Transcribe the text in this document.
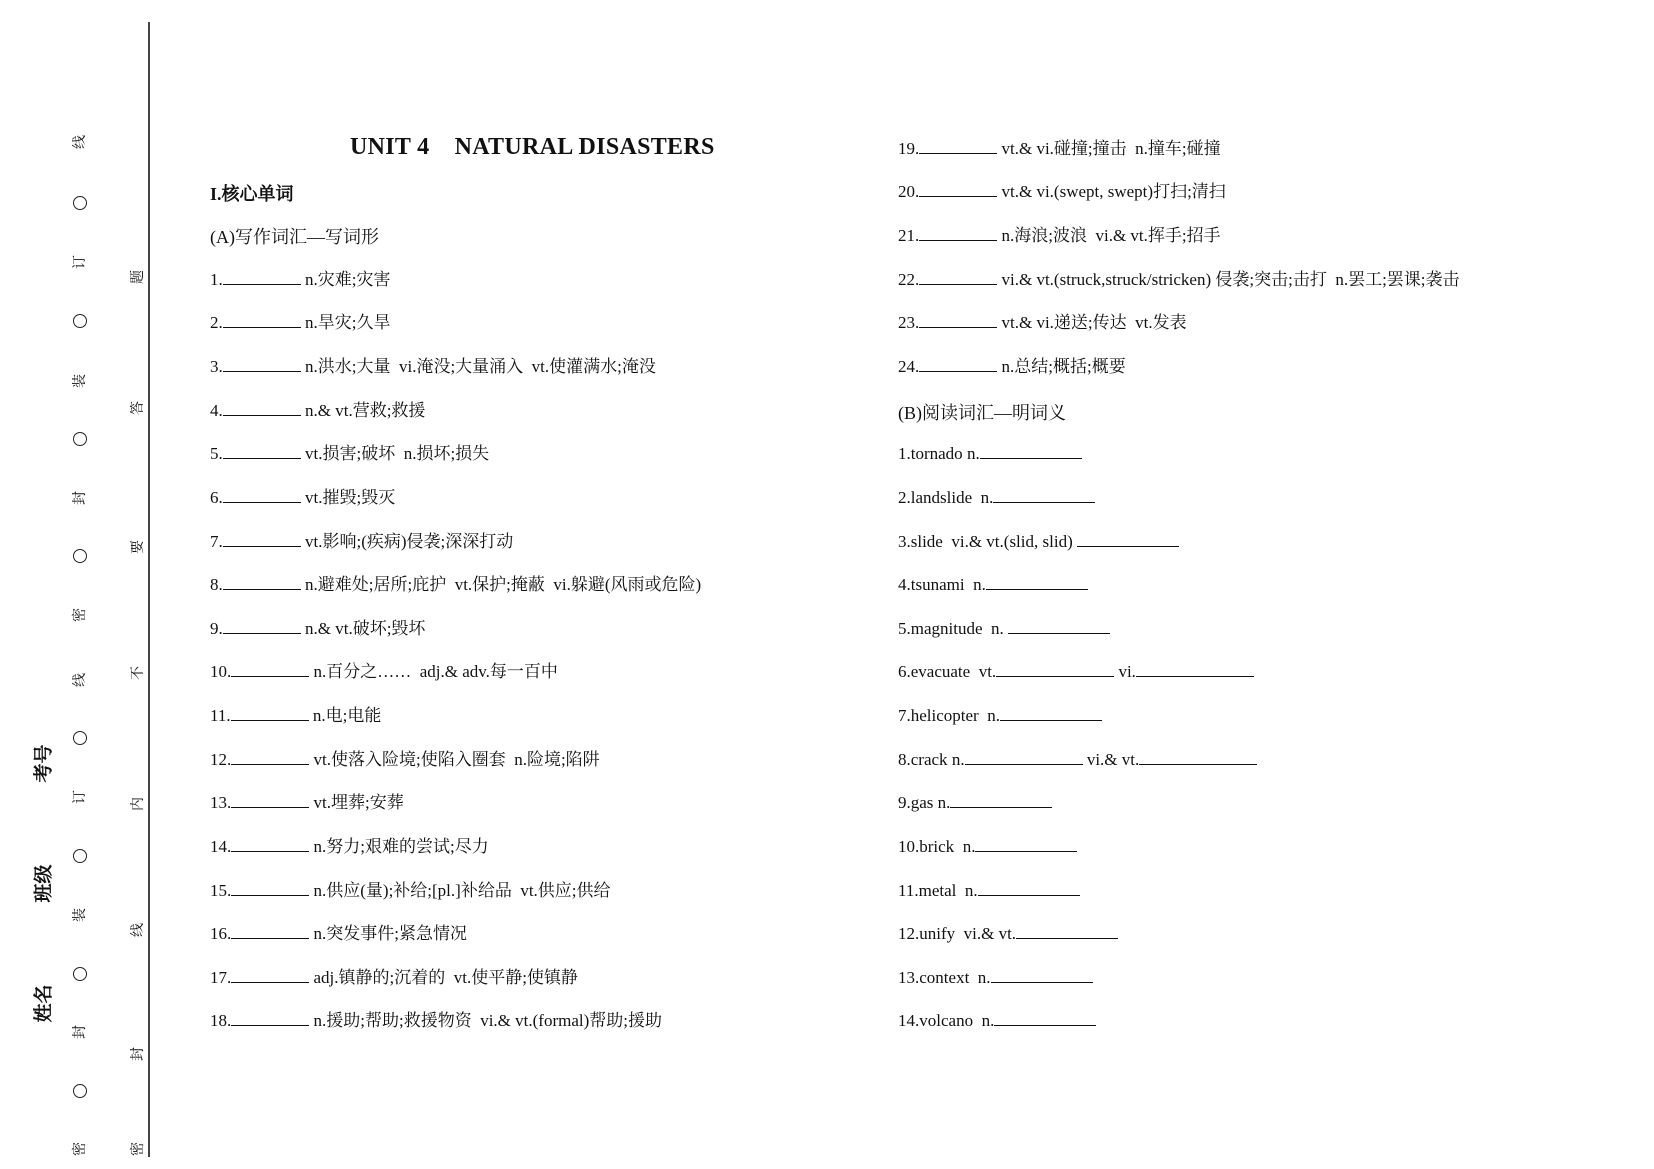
线
订
装
封
密
线
订
装
封
密
题
答
要
不
内
线
封
密
考号
班级
姓名
UNIT 4    NATURAL DISASTERS
I.核心单词
(A)写作词汇—写词形
1.	n.灾难;灾害
2.	n.旱灾;久旱
3.	n.洪水;大量  vi.淹没;大量涌入  vt.使灌满水;淹没
4.	n.& vt.营救;救援
5.	vt.损害;破坏  n.损坏;损失
6.	vt.摧毁;毁灭
7.	vt.影响;(疾病)侵袭;深深打动
8.	n.避难处;居所;庇护  vt.保护;掩蔽  vi.躲避(风雨或危险)
9.	n.& vt.破坏;毁坏
10.	n.百分之……  adj.& adv.每一百中
11.	n.电;电能
12.	vt.使落入险境;使陷入圈套  n.险境;陷阱
13.	vt.埋葬;安葬
14.	n.努力;艰难的尝试;尽力
15.	n.供应(量);补给;[pl.]补给品  vt.供应;供给
16.	n.突发事件;紧急情况
17.	adj.镇静的;沉着的  vt.使平静;使镇静
18.	n.援助;帮助;救援物资  vi.& vt.(formal)帮助;援助
19.	vt.& vi.碰撞;撞击  n.撞车;碰撞
20.	vt.& vi.(swept, swept)打扫;清扫
21.	n.海浪;波浪  vi.& vt.挥手;招手
22.	vi.& vt.(struck,struck/stricken) 侵袭;突击;击打  n.罢工;罢课;袭击
23.	vt.& vi.递送;传达  vt.发表
24.	n.总结;概括;概要
(B)阅读词汇—明词义
1.tornado n.
2.landslide n.
3.slide vi.& vt.(slid, slid)
4.tsunami n.
5.magnitude n.
6.evacuate vt.	vi.
7.helicopter n.
8.crack n.	vi.& vt.
9.gas n.
10.brick n.
11.metal n.
12.unify vi.& vt.
13.context n.
14.volcano n.
